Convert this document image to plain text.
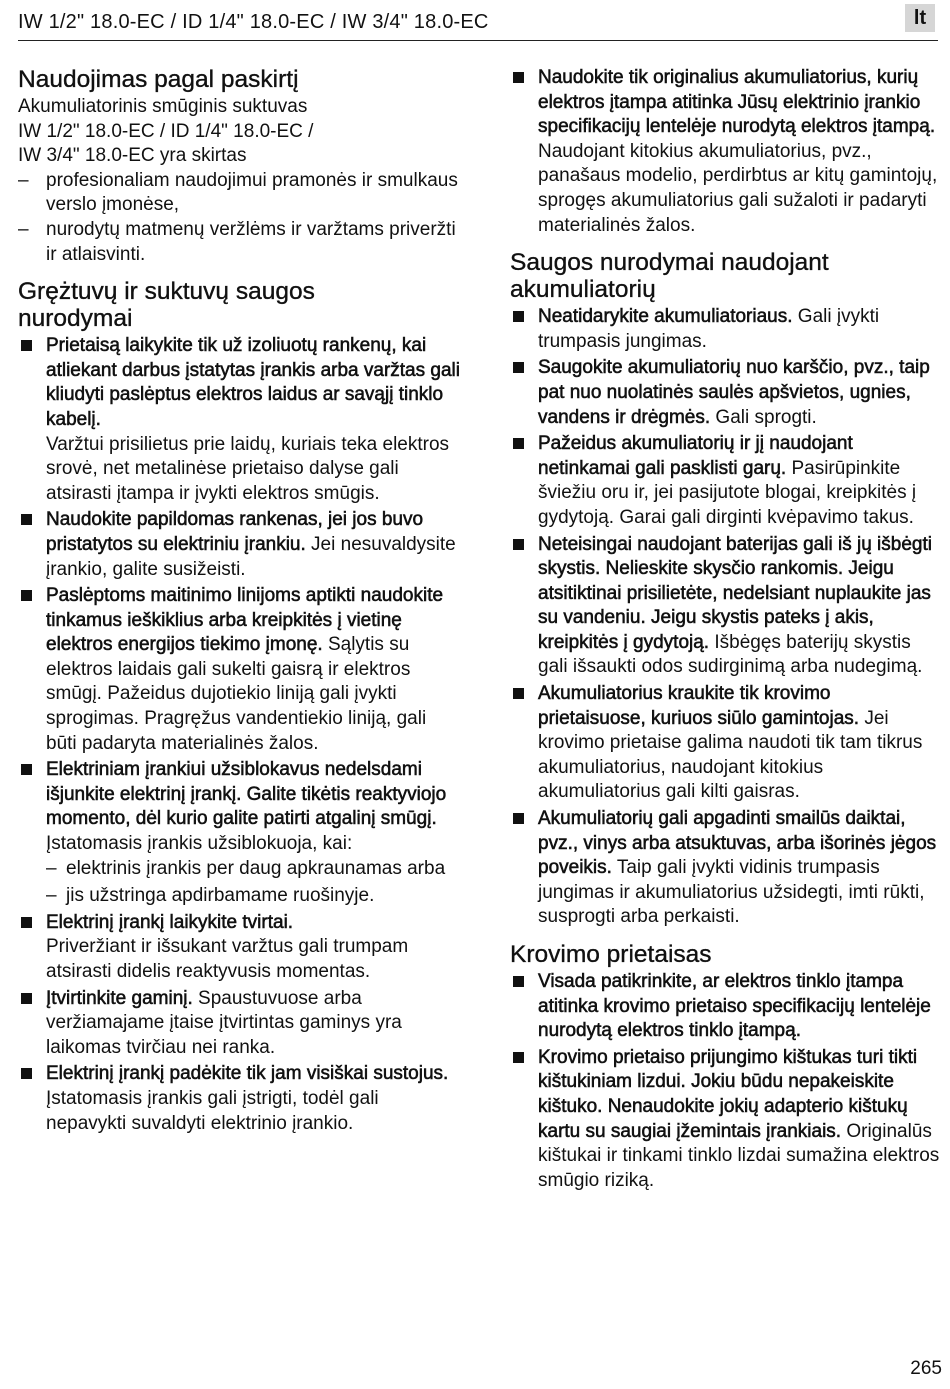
IW 1/2" 18.0-EC / ID 1/4" 18.0-EC / IW 3/4" 18.0-EC	lt
Naudojimas pagal paskirtį

Akumuliatorinis smūginis suktuvas

IW 1/2" 18.0-EC / ID 1/4" 18.0-EC /

IW 3/4" 18.0-EC yra skirtas

– profesionaliam naudojimui pramonės ir smulkaus verslo įmonėse,
– nurodytų matmenų veržlėms ir varžtams priveržti ir atlaisvinti.
Grężtuvų ir suktuvų saugos
nurodymai
Prietaisą laikykite tik už izoliuotų rankenų, kai atliekant darbus įstatytas įrankis arba varžtas gali kliudyti paslėptus elektros laidus ar savąjį tinklo kabelį.

Varžtui prisilietus prie laidų, kuriais teka elektros srovė, net metalinėse prietaiso dalyse gali atsirasti įtampa ir įvykti elektros smūgis.

Naudokite papildomas rankenas, jei jos buvo pristatytos su elektriniu įrankiu. Jei nesuvaldysite įrankio, galite susižeisti.
Paslėptoms maitinimo linijoms aptikti naudokite tinkamus ieškiklius arba kreipkitės į vietinę elektros energijos tiekimo įmonę. Sąlytis su elektros laidais gali sukelti gaisrą ir elektros smūgį. Pažeidus dujotiekio liniją gali įvykti sprogimas. Pragręžus vandentiekio liniją, gali būti padaryta materialinės žalos.
Elektriniam įrankiui užsiblokavus nedelsdami išjunkite elektrinį įrankį. Galite tikėtis reaktyviojo momento, dėl kurio galite patirti atgalinį smūgį.

Įstatomasis įrankis užsiblokuoja, kai:

– elektrinis įrankis per daug apkraunamas arba
– jis užstringa apdirbamame ruošinyje.
Elektrinį įrankį laikykite tvirtai.

Priveržiant ir išsukant varžtus gali trumpam atsirasti didelis reaktyvusis momentas.

Įtvirtinkite gaminį. Spaustuvuose arba veržiamajame įtaise įtvirtintas gaminys yra laikomas tvirčiau nei ranka.
Elektrinį įrankį padėkite tik jam visiškai sustojus. Įstatomasis įrankis gali įstrigti, todėl gali nepavykti suvaldyti elektrinio įrankio.
Naudokite tik originalius akumuliatorius, kurių elektros įtampa atitinka Jūsų elektrinio įrankio specifikacijų lentelėje nurodytą elektros įtampą. Naudojant kitokius akumuliatorius, pvz., panašaus modelio, perdirbtus ar kitų gamintojų, sprogęs akumuliatorius gali sužaloti ir padaryti materialinės žalos.
Saugos nurodymai naudojant
akumuliatorių
Neatidarykite akumuliatoriaus. Gali įvykti trumpasis jungimas.
Saugokite akumuliatorių nuo karščio, pvz., taip pat nuo nuolatinės saulės apšvietos, ugnies, vandens ir drėgmės. Gali sprogti.
Pažeidus akumuliatorių ir jį naudojant netinkamai gali pasklisti garų. Pasirūpinkite šviežiu oru ir, jei pasijutote blogai, kreipkitės į gydytoją. Garai gali dirginti kvėpavimo takus.
Neteisingai naudojant baterijas gali iš jų išbėgti skystis. Nelieskite skysčio rankomis. Jeigu atsitiktinai prisilietėte, nedelsiant nuplaukite jas su vandeniu. Jeigu skystis pateks į akis, kreipkitės į gydytoją. Išbėgęs baterijų skystis gali išsaukti odos sudirginimą arba nudegimą.
Akumuliatorius kraukite tik krovimo prietaisuose, kuriuos siūlo gamintojas. Jei krovimo prietaise galima naudoti tik tam tikrus akumuliatorius, naudojant kitokius akumuliatorius gali kilti gaisras.
Akumuliatorių gali apgadinti smailūs daiktai, pvz., vinys arba atsuktuvas, arba išorinės jėgos poveikis. Taip gali įvykti vidinis trumpasis jungimas ir akumuliatorius užsidegti, imti rūkti, susprogti arba perkaisti.
Krovimo prietaisas
Visada patikrinkite, ar elektros tinklo įtampa atitinka krovimo prietaiso specifikacijų lentelėje nurodytą elektros tinklo įtampą.
Krovimo prietaiso prijungimo kištukas turi tikti kištukiniam lizdui. Jokiu būdu nepakeiskite kištuko. Nenaudokite jokių adapterio kištukų kartu su saugiai įžemintais įrankiais. Originalūs kištukai ir tinkami tinklo lizdai sumažina elektros smūgio riziką.
265
